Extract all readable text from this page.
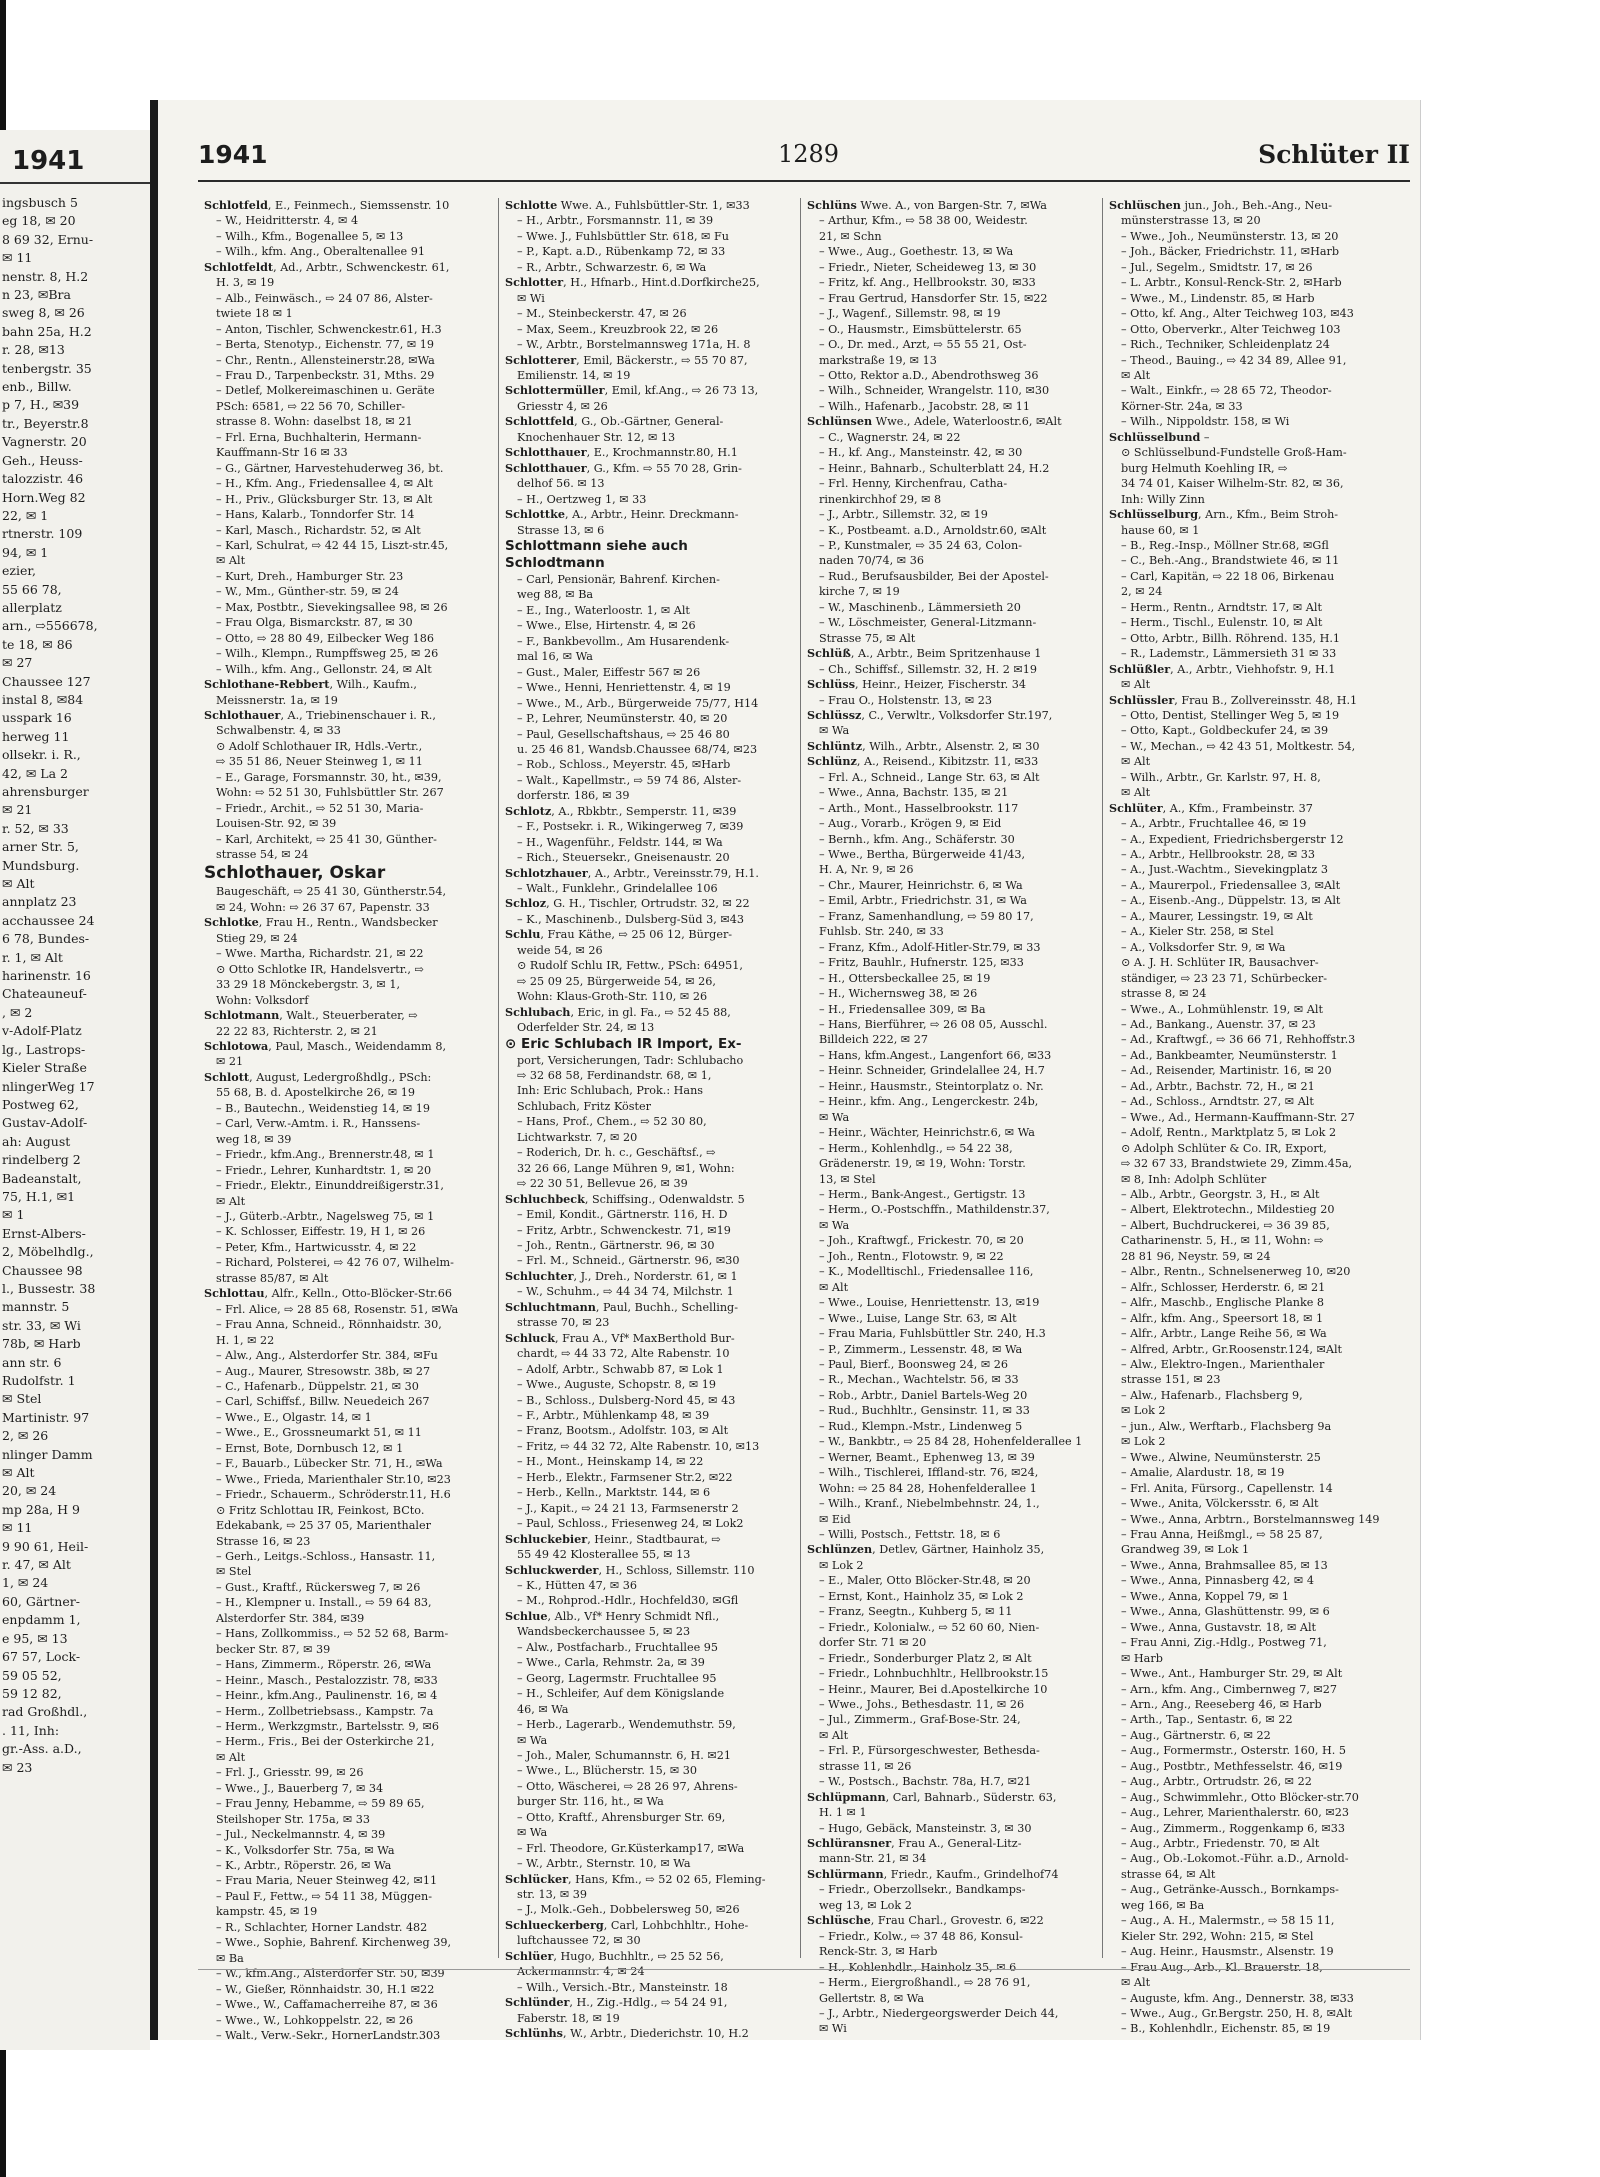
1941
ingsbusch 5
eg 18, ✉ 20
8 69 32, Ernu-
✉ 11
nenstr. 8, H.2
n 23, ✉Bra
sweg 8, ✉ 26
bahn 25a, H.2
r. 28, ✉13
tenbergstr. 35
enb., Billw.
p 7, H., ✉39
tr., Beyerstr.8
Vagnerstr. 20
Geh., Heuss-
talozzistr. 46
Horn.Weg 82
22, ✉ 1
rtnerstr. 109
94, ✉ 1
ezier,
55 66 78,
allerplatz
arn., ⇨556678,
te 18, ✉ 86
✉ 27
Chaussee 127
instal 8, ✉84
usspark 16
herweg 11
ollsekr. i. R.,
42, ✉ La 2
ahrensburger
✉ 21
r. 52, ✉ 33
arner Str. 5,
Mundsburg.
✉ Alt
annplatz 23
acchaussee 24
6 78, Bundes-
r. 1, ✉ Alt
harinenstr. 16
Chateauneuf-
, ✉ 2
v-Adolf-Platz
lg., Lastrops-
Kieler Straße
nlingerWeg 17
Postweg 62,
Gustav-Adolf-
ah: August
rindelberg 2
Badeanstalt,
75, H.1, ✉1
✉ 1
Ernst-Albers-
2, Möbelhdlg.,
Chaussee 98
l., Bussestr. 38
mannstr. 5
str. 33, ✉ Wi
78b, ✉ Harb
ann str. 6
Rudolfstr. 1
✉ Stel
Martinistr. 97
2, ✉ 26
nlinger Damm
✉ Alt
20, ✉ 24
mp 28a, H 9
✉ 11
9 90 61, Heil-
r. 47, ✉ Alt
1, ✉ 24
60, Gärtner-
enpdamm 1,
e 95, ✉ 13
67 57, Lock-
59 05 52,
59 12 82,
rad Großhdl.,
. 11, Inh:
gr.-Ass. a.D.,
✉ 23
1941	1289	Schlüter II
Schlotfeld, E., Feinmech., Siemssenstr. 10
– W., Heidritterstr. 4, ✉ 4
– Wilh., Kfm., Bogenallee 5, ✉ 13
– Wilh., kfm. Ang., Oberaltenallee 91
Schlotfeldt, Ad., Arbtr., Schwenckestr. 61,
H. 3, ✉ 19
– Alb., Feinwäsch., ⇨ 24 07 86, Alster-
twiete 18 ✉ 1
– Anton, Tischler, Schwenckestr.61, H.3
– Berta, Stenotyp., Eichenstr. 77, ✉ 19
– Chr., Rentn., Allensteinerstr.28, ✉Wa
– Frau D., Tarpenbeckstr. 31, Mths. 29
– Detlef, Molkereimaschinen u. Geräte
PSch: 6581, ⇨ 22 56 70, Schiller-
strasse 8. Wohn: daselbst 18, ✉ 21
– Frl. Erna, Buchhalterin, Hermann-
Kauffmann-Str 16 ✉ 33
– G., Gärtner, Harvestehuderweg 36, bt.
– H., Kfm. Ang., Friedensallee 4, ✉ Alt
– H., Priv., Glücksburger Str. 13, ✉ Alt
– Hans, Kalarb., Tonndorfer Str. 14
– Karl, Masch., Richardstr. 52, ✉ Alt
– Karl, Schulrat, ⇨ 42 44 15, Liszt-str.45,
✉ Alt
– Kurt, Dreh., Hamburger Str. 23
– W., Mm., Günther-str. 59, ✉ 24
– Max, Postbtr., Sievekingsallee 98, ✉ 26
– Frau Olga, Bismarckstr. 87, ✉ 30
– Otto, ⇨ 28 80 49, Eilbecker Weg 186
– Wilh., Klempn., Rumpffsweg 25, ✉ 26
– Wilh., kfm. Ang., Gellonstr. 24, ✉ Alt
Schlothane-Rebbert, Wilh., Kaufm.,
Meissnerstr. 1a, ✉ 19
Schlothauer, A., Triebinenschauer i. R.,
Schwalbenstr. 4, ✉ 33
⊙ Adolf Schlothauer IR, Hdls.-Vertr.,
⇨ 35 51 86, Neuer Steinweg 1, ✉ 11
– E., Garage, Forsmannstr. 30, ht., ✉39,
Wohn: ⇨ 52 51 30, Fuhlsbüttler Str. 267
– Friedr., Archit., ⇨ 52 51 30, Maria-
Louisen-Str. 92, ✉ 39
– Karl, Architekt, ⇨ 25 41 30, Günther-
strasse 54, ✉ 24
Schlothauer, Oskar
Baugeschäft, ⇨ 25 41 30, Güntherstr.54,
✉ 24, Wohn: ⇨ 26 37 67, Papenstr. 33
Schlotke, Frau H., Rentn., Wandsbecker
Stieg 29, ✉ 24
– Wwe. Martha, Richardstr. 21, ✉ 22
⊙ Otto Schlotke IR, Handelsvertr., ⇨
33 29 18 Mönckebergstr. 3, ✉ 1,
Wohn: Volksdorf
Schlotmann, Walt., Steuerberater, ⇨
22 22 83, Richterstr. 2, ✉ 21
Schlotowa, Paul, Masch., Weidendamm 8,
✉ 21
Schlott, August, Ledergroßhdlg., PSch:
55 68, B. d. Apostelkirche 26, ✉ 19
– B., Bautechn., Weidenstieg 14, ✉ 19
– Carl, Verw.-Amtm. i. R., Hanssens-
weg 18, ✉ 39
– Friedr., kfm.Ang., Brennerstr.48, ✉ 1
– Friedr., Lehrer, Kunhardtstr. 1, ✉ 20
– Friedr., Elektr., Einunddreißigerstr.31,
✉ Alt
– J., Güterb.-Arbtr., Nagelsweg 75, ✉ 1
– K. Schlosser, Eiffestr. 19, H 1, ✉ 26
– Peter, Kfm., Hartwicusstr. 4, ✉ 22
– Richard, Polsterei, ⇨ 42 76 07, Wilhelm-
strasse 85/87, ✉ Alt
Schlottau, Alfr., Kelln., Otto-Blöcker-Str.66
– Frl. Alice, ⇨ 28 85 68, Rosenstr. 51, ✉Wa
– Frau Anna, Schneid., Rönnhaidstr. 30,
H. 1, ✉ 22
– Alw., Ang., Alsterdorfer Str. 384, ✉Fu
– Aug., Maurer, Stresowstr. 38b, ✉ 27
– C., Hafenarb., Düppelstr. 21, ✉ 30
– Carl, Schiffsf., Billw. Neuedeich 267
– Wwe., E., Olgastr. 14, ✉ 1
– Wwe., E., Grossneumarkt 51, ✉ 11
– Ernst, Bote, Dornbusch 12, ✉ 1
– F., Bauarb., Lübecker Str. 71, H., ✉Wa
– Wwe., Frieda, Marienthaler Str.10, ✉23
– Friedr., Schauerm., Schröderstr.11, H.6
⊙ Fritz Schlottau IR, Feinkost, BCto.
Edekabank, ⇨ 25 37 05, Marienthaler
Strasse 16, ✉ 23
– Gerh., Leitgs.-Schloss., Hansastr. 11,
✉ Stel
– Gust., Kraftf., Rückersweg 7, ✉ 26
– H., Klempner u. Install., ⇨ 59 64 83,
Alsterdorfer Str. 384, ✉39
– Hans, Zollkommiss., ⇨ 52 52 68, Barm-
becker Str. 87, ✉ 39
– Hans, Zimmerm., Röperstr. 26, ✉Wa
– Heinr., Masch., Pestalozzistr. 78, ✉33
– Heinr., kfm.Ang., Paulinenstr. 16, ✉ 4
– Herm., Zollbetriebsass., Kampstr. 7a
– Herm., Werkzgmstr., Bartelsstr. 9, ✉6
– Herm., Fris., Bei der Osterkirche 21,
✉ Alt
– Frl. J., Griesstr. 99, ✉ 26
– Wwe., J., Bauerberg 7, ✉ 34
– Frau Jenny, Hebamme, ⇨ 59 89 65,
Steilshoper Str. 175a, ✉ 33
– Jul., Neckelmannstr. 4, ✉ 39
– K., Volksdorfer Str. 75a, ✉ Wa
– K., Arbtr., Röperstr. 26, ✉ Wa
– Frau Maria, Neuer Steinweg 42, ✉11
– Paul F., Fettw., ⇨ 54 11 38, Müggen-
kampstr. 45, ✉ 19
– R., Schlachter, Horner Landstr. 482
– Wwe., Sophie, Bahrenf. Kirchenweg 39,
✉ Ba
– W., kfm.Ang., Alsterdorfer Str. 50, ✉39
– W., Gießer, Rönnhaidstr. 30, H.1 ✉22
– Wwe., W., Caffamacherreihe 87, ✉ 36
– Wwe., W., Lohkoppelstr. 22, ✉ 26
– Walt., Verw.-Sekr., HornerLandstr.303
Schlotte Wwe. A., Fuhlsbüttler-Str. 1, ✉33
– H., Arbtr., Forsmannstr. 11, ✉ 39
– Wwe. J., Fuhlsbüttler Str. 618, ✉ Fu
– P., Kapt. a.D., Rübenkamp 72, ✉ 33
– R., Arbtr., Schwarzestr. 6, ✉ Wa
Schlotter, H., Hfnarb., Hint.d.Dorfkirche25,
✉ Wi
– M., Steinbeckerstr. 47, ✉ 26
– Max, Seem., Kreuzbrook 22, ✉ 26
– W., Arbtr., Borstelmannsweg 171a, H. 8
Schlotterer, Emil, Bäckerstr., ⇨ 55 70 87,
Emilienstr. 14, ✉ 19
Schlottermüller, Emil, kf.Ang., ⇨ 26 73 13,
Griesstr 4, ✉ 26
Schlottfeld, G., Ob.-Gärtner, General-
Knochenhauer Str. 12, ✉ 13
Schlotthauer, E., Krochmannstr.80, H.1
Schlotthauer, G., Kfm. ⇨ 55 70 28, Grin-
delhof 56. ✉ 13
– H., Oertzweg 1, ✉ 33
Schlottke, A., Arbtr., Heinr. Dreckmann-
Strasse 13, ✉ 6
Schlottmann siehe auch Schlodtmann
– Carl, Pensionär, Bahrenf. Kirchen-
weg 88, ✉ Ba
– E., Ing., Waterloostr. 1, ✉ Alt
– Wwe., Else, Hirtenstr. 4, ✉ 26
– F., Bankbevollm., Am Husarendenk-
mal 16, ✉ Wa
– Gust., Maler, Eiffestr 567 ✉ 26
– Wwe., Henni, Henriettenstr. 4, ✉ 19
– Wwe., M., Arb., Bürgerweide 75/77, H14
– P., Lehrer, Neumünsterstr. 40, ✉ 20
– Paul, Gesellschaftshaus, ⇨ 25 46 80
u. 25 46 81, Wandsb.Chaussee 68/74, ✉23
– Rob., Schloss., Meyerstr. 45, ✉Harb
– Walt., Kapellmstr., ⇨ 59 74 86, Alster-
dorferstr. 186, ✉ 39
Schlotz, A., Rbkbtr., Semperstr. 11, ✉39
– F., Postsekr. i. R., Wikingerweg 7, ✉39
– H., Wagenführ., Feldstr. 144, ✉ Wa
– Rich., Steuersekr., Gneisenaustr. 20
Schlotzhauer, A., Arbtr., Vereinsstr.79, H.1.
– Walt., Funklehr., Grindelallee 106
Schloz, G. H., Tischler, Ortrudstr. 32, ✉ 22
– K., Maschinenb., Dulsberg-Süd 3, ✉43
Schlu, Frau Käthe, ⇨ 25 06 12, Bürger-
weide 54, ✉ 26
⊙ Rudolf Schlu IR, Fettw., PSch: 64951,
⇨ 25 09 25, Bürgerweide 54, ✉ 26,
Wohn: Klaus-Groth-Str. 110, ✉ 26
Schlubach, Eric, in gl. Fa., ⇨ 52 45 88,
Oderfelder Str. 24, ✉ 13
⊙ Eric Schlubach IR Import, Ex-
port, Versicherungen, Tadr: Schlubacho
⇨ 32 68 58, Ferdinandstr. 68, ✉ 1,
Inh: Eric Schlubach, Prok.: Hans
Schlubach, Fritz Köster
– Hans, Prof., Chem., ⇨ 52 30 80,
Lichtwarkstr. 7, ✉ 20
– Roderich, Dr. h. c., Geschäftsf., ⇨
32 26 66, Lange Mühren 9, ✉1, Wohn:
⇨ 22 30 51, Bellevue 26, ✉ 39
Schluchbeck, Schiffsing., Odenwaldstr. 5
– Emil, Kondit., Gärtnerstr. 116, H. D
– Fritz, Arbtr., Schwenckestr. 71, ✉19
– Joh., Rentn., Gärtnerstr. 96, ✉ 30
– Frl. M., Schneid., Gärtnerstr. 96, ✉30
Schluchter, J., Dreh., Norderstr. 61, ✉ 1
– W., Schuhm., ⇨ 44 34 74, Milchstr. 1
Schluchtmann, Paul, Buchh., Schelling-
strasse 70, ✉ 23
Schluck, Frau A., Vf* MaxBerthold Bur-
chardt, ⇨ 44 33 72, Alte Rabenstr. 10
– Adolf, Arbtr., Schwabb 87, ✉ Lok 1
– Wwe., Auguste, Schopstr. 8, ✉ 19
– B., Schloss., Dulsberg-Nord 45, ✉ 43
– F., Arbtr., Mühlenkamp 48, ✉ 39
– Franz, Bootsm., Adolfstr. 103, ✉ Alt
– Fritz, ⇨ 44 32 72, Alte Rabenstr. 10, ✉13
– H., Mont., Heinskamp 14, ✉ 22
– Herb., Elektr., Farmsener Str.2, ✉22
– Herb., Kelln., Marktstr. 144, ✉ 6
– J., Kapit., ⇨ 24 21 13, Farmsenerstr 2
– Paul, Schloss., Friesenweg 24, ✉ Lok2
Schluckebier, Heinr., Stadtbaurat, ⇨
55 49 42 Klosterallee 55, ✉ 13
Schluckwerder, H., Schloss, Sillemstr. 110
– K., Hütten 47, ✉ 36
– M., Rohprod.-Hdlr., Hochfeld30, ✉Gfl
Schlue, Alb., Vf* Henry Schmidt Nfl.,
Wandsbeckerchaussee 5, ✉ 23
– Alw., Postfacharb., Fruchtallee 95
– Wwe., Carla, Rehmstr. 2a, ✉ 39
– Georg, Lagermstr. Fruchtallee 95
– H., Schleifer, Auf dem Königslande
46, ✉ Wa
– Herb., Lagerarb., Wendemuthstr. 59,
✉ Wa
– Joh., Maler, Schumannstr. 6, H. ✉21
– Wwe., L., Blücherstr. 15, ✉ 30
– Otto, Wäscherei, ⇨ 28 26 97, Ahrens-
burger Str. 116, ht., ✉ Wa
– Otto, Kraftf., Ahrensburger Str. 69,
✉ Wa
– Frl. Theodore, Gr.Küsterkamp17, ✉Wa
– W., Arbtr., Sternstr. 10, ✉ Wa
Schlücker, Hans, Kfm., ⇨ 52 02 65, Fleming-
str. 13, ✉ 39
– J., Molk.-Geh., Dobbelersweg 50, ✉26
Schlueckerberg, Carl, Lohbchhltr., Hohe-
luftchaussee 72, ✉ 30
Schlüer, Hugo, Buchhltr., ⇨ 25 52 56,
Ackermannstr. 4, ✉ 24
– Wilh., Versich.-Btr., Mansteinstr. 18
Schlünder, H., Zig.-Hdlg., ⇨ 54 24 91,
Faberstr. 18, ✉ 19
Schlünhs, W., Arbtr., Diederichstr. 10, H.2
Schlüns Wwe. A., von Bargen-Str. 7, ✉Wa
– Arthur, Kfm., ⇨ 58 38 00, Weidestr.
21, ✉ Schn
– Wwe., Aug., Goethestr. 13, ✉ Wa
– Friedr., Nieter, Scheideweg 13, ✉ 30
– Fritz, kf. Ang., Hellbrookstr. 30, ✉33
– Frau Gertrud, Hansdorfer Str. 15, ✉22
– J., Wagenf., Sillemstr. 98, ✉ 19
– O., Hausmstr., Eimsbüttelerstr. 65
– O., Dr. med., Arzt, ⇨ 55 55 21, Ost-
markstraße 19, ✉ 13
– Otto, Rektor a.D., Abendrothsweg 36
– Wilh., Schneider, Wrangelstr. 110, ✉30
– Wilh., Hafenarb., Jacobstr. 28, ✉ 11
Schlünsen Wwe., Adele, Waterloostr.6, ✉Alt
– C., Wagnerstr. 24, ✉ 22
– H., kf. Ang., Mansteinstr. 42, ✉ 30
– Heinr., Bahnarb., Schulterblatt 24, H.2
– Frl. Henny, Kirchenfrau, Catha-
rinenkirchhof 29, ✉ 8
– J., Arbtr., Sillemstr. 32, ✉ 19
– K., Postbeamt. a.D., Arnoldstr.60, ✉Alt
– P., Kunstmaler, ⇨ 35 24 63, Colon-
naden 70/74, ✉ 36
– Rud., Berufsausbilder, Bei der Apostel-
kirche 7, ✉ 19
– W., Maschinenb., Lämmersieth 20
– W., Löschmeister, General-Litzmann-
Strasse 75, ✉ Alt
Schlüß, A., Arbtr., Beim Spritzenhause 1
– Ch., Schiffsf., Sillemstr. 32, H. 2 ✉19
Schlüss, Heinr., Heizer, Fischerstr. 34
– Frau O., Holstenstr. 13, ✉ 23
Schlüssz, C., Verwltr., Volksdorfer Str.197,
✉ Wa
Schlüntz, Wilh., Arbtr., Alsenstr. 2, ✉ 30
Schlünz, A., Reisend., Kibitzstr. 11, ✉33
– Frl. A., Schneid., Lange Str. 63, ✉ Alt
– Wwe., Anna, Bachstr. 135, ✉ 21
– Arth., Mont., Hasselbrookstr. 117
– Aug., Vorarb., Krögen 9, ✉ Eid
– Bernh., kfm. Ang., Schäferstr. 30
– Wwe., Bertha, Bürgerweide 41/43,
H. A, Nr. 9, ✉ 26
– Chr., Maurer, Heinrichstr. 6, ✉ Wa
– Emil, Arbtr., Friedrichstr. 31, ✉ Wa
– Franz, Samenhandlung, ⇨ 59 80 17,
Fuhlsb. Str. 240, ✉ 33
– Franz, Kfm., Adolf-Hitler-Str.79, ✉ 33
– Fritz, Bauhlr., Hufnerstr. 125, ✉33
– H., Ottersbeckallee 25, ✉ 19
– H., Wichernsweg 38, ✉ 26
– H., Friedensallee 309, ✉ Ba
– Hans, Bierführer, ⇨ 26 08 05, Ausschl.
Billdeich 222, ✉ 27
– Hans, kfm.Angest., Langenfort 66, ✉33
– Heinr. Schneider, Grindelallee 24, H.7
– Heinr., Hausmstr., Steintorplatz o. Nr.
– Heinr., kfm. Ang., Lengerckestr. 24b,
✉ Wa
– Heinr., Wächter, Heinrichstr.6, ✉ Wa
– Herm., Kohlenhdlg., ⇨ 54 22 38,
Grädenerstr. 19, ✉ 19, Wohn: Torstr.
13, ✉ Stel
– Herm., Bank-Angest., Gertigstr. 13
– Herm., O.-Postschffn., Mathildenstr.37,
✉ Wa
– Joh., Kraftwgf., Frickestr. 70, ✉ 20
– Joh., Rentn., Flotowstr. 9, ✉ 22
– K., Modelltischl., Friedensallee 116,
✉ Alt
– Wwe., Louise, Henriettenstr. 13, ✉19
– Wwe., Luise, Lange Str. 63, ✉ Alt
– Frau Maria, Fuhlsbüttler Str. 240, H.3
– P., Zimmerm., Lessenstr. 48, ✉ Wa
– Paul, Bierf., Boonsweg 24, ✉ 26
– R., Mechan., Wachtelstr. 56, ✉ 33
– Rob., Arbtr., Daniel Bartels-Weg 20
– Rud., Buchhltr., Gensinstr. 11, ✉ 33
– Rud., Klempn.-Mstr., Lindenweg 5
– W., Bankbtr., ⇨ 25 84 28, Hohenfelderallee 1
– Werner, Beamt., Ephenweg 13, ✉ 39
– Wilh., Tischlerei, Iffland-str. 76, ✉24,
Wohn: ⇨ 25 84 28, Hohenfelderallee 1
– Wilh., Kranf., Niebelmbehnstr. 24, 1.,
✉ Eid
– Willi, Postsch., Fettstr. 18, ✉ 6
Schlünzen, Detlev, Gärtner, Hainholz 35,
✉ Lok 2
– E., Maler, Otto Blöcker-Str.48, ✉ 20
– Ernst, Kont., Hainholz 35, ✉ Lok 2
– Franz, Seegtn., Kuhberg 5, ✉ 11
– Friedr., Kolonialw., ⇨ 52 60 60, Nien-
dorfer Str. 71 ✉ 20
– Friedr., Sonderburger Platz 2, ✉ Alt
– Friedr., Lohnbuchhltr., Hellbrookstr.15
– Heinr., Maurer, Bei d.Apostelkirche 10
– Wwe., Johs., Bethesdastr. 11, ✉ 26
– Jul., Zimmerm., Graf-Bose-Str. 24,
✉ Alt
– Frl. P., Fürsorgeschwester, Bethesda-
strasse 11, ✉ 26
– W., Postsch., Bachstr. 78a, H.7, ✉21
Schlüpmann, Carl, Bahnarb., Süderstr. 63,
H. 1 ✉ 1
– Hugo, Gebäck, Mansteinstr. 3, ✉ 30
Schlüransner, Frau A., General-Litz-
mann-Str. 21, ✉ 34
Schlürmann, Friedr., Kaufm., Grindelhof74
– Friedr., Oberzollsekr., Bandkamps-
weg 13, ✉ Lok 2
Schlüsche, Frau Charl., Grovestr. 6, ✉22
– Friedr., Kolw., ⇨ 37 48 86, Konsul-
Renck-Str. 3, ✉ Harb
– H., Kohlenhdlr., Hainholz 35, ✉ 6
– Herm., Eiergroßhandl., ⇨ 28 76 91,
Gellertstr. 8, ✉ Wa
– J., Arbtr., Niedergeorgswerder Deich 44,
✉ Wi
Schlüschen jun., Joh., Beh.-Ang., Neu-
münsterstrasse 13, ✉ 20
– Wwe., Joh., Neumünsterstr. 13, ✉ 20
– Joh., Bäcker, Friedrichstr. 11, ✉Harb
– Jul., Segelm., Smidtstr. 17, ✉ 26
– L. Arbtr., Konsul-Renck-Str. 2, ✉Harb
– Wwe., M., Lindenstr. 85, ✉ Harb
– Otto, kf. Ang., Alter Teichweg 103, ✉43
– Otto, Oberverkr., Alter Teichweg 103
– Rich., Techniker, Schleidenplatz 24
– Theod., Bauing., ⇨ 42 34 89, Allee 91,
✉ Alt
– Walt., Einkfr., ⇨ 28 65 72, Theodor-
Körner-Str. 24a, ✉ 33
– Wilh., Nippoldstr. 158, ✉ Wi
Schlüsselbund –
⊙ Schlüsselbund-Fundstelle Groß-Ham-
burg Helmuth Koehling IR, ⇨
34 74 01, Kaiser Wilhelm-Str. 82, ✉ 36,
Inh: Willy Zinn
Schlüsselburg, Arn., Kfm., Beim Stroh-
hause 60, ✉ 1
– B., Reg.-Insp., Möllner Str.68, ✉Gfl
– C., Beh.-Ang., Brandstwiete 46, ✉ 11
– Carl, Kapitän, ⇨ 22 18 06, Birkenau
2, ✉ 24
– Herm., Rentn., Arndtstr. 17, ✉ Alt
– Herm., Tischl., Eulenstr. 10, ✉ Alt
– Otto, Arbtr., Billh. Röhrend. 135, H.1
– R., Lademstr., Lämmersieth 31 ✉ 33
Schlüßler, A., Arbtr., Viehhofstr. 9, H.1
✉ Alt
Schlüssler, Frau B., Zollvereinsstr. 48, H.1
– Otto, Dentist, Stellinger Weg 5, ✉ 19
– Otto, Kapt., Goldbeckufer 24, ✉ 39
– W., Mechan., ⇨ 42 43 51, Moltkestr. 54,
✉ Alt
– Wilh., Arbtr., Gr. Karlstr. 97, H. 8,
✉ Alt
Schlüter, A., Kfm., Frambeinstr. 37
– A., Arbtr., Fruchtallee 46, ✉ 19
– A., Expedient, Friedrichsbergerstr 12
– A., Arbtr., Hellbrookstr. 28, ✉ 33
– A., Just.-Wachtm., Sievekingplatz 3
– A., Maurerpol., Friedensallee 3, ✉Alt
– A., Eisenb.-Ang., Düppelstr. 13, ✉ Alt
– A., Maurer, Lessingstr. 19, ✉ Alt
– A., Kieler Str. 258, ✉ Stel
– A., Volksdorfer Str. 9, ✉ Wa
⊙ A. J. H. Schlüter IR, Bausachver-
ständiger, ⇨ 23 23 71, Schürbecker-
strasse 8, ✉ 24
– Wwe., A., Lohmühlenstr. 19, ✉ Alt
– Ad., Bankang., Auenstr. 37, ✉ 23
– Ad., Kraftwgf., ⇨ 36 66 71, Rehhoffstr.3
– Ad., Bankbeamter, Neumünsterstr. 1
– Ad., Reisender, Martinistr. 16, ✉ 20
– Ad., Arbtr., Bachstr. 72, H., ✉ 21
– Ad., Schloss., Arndtstr. 27, ✉ Alt
– Wwe., Ad., Hermann-Kauffmann-Str. 27
– Adolf, Rentn., Marktplatz 5, ✉ Lok 2
⊙ Adolph Schlüter & Co. IR, Export,
⇨ 32 67 33, Brandstwiete 29, Zimm.45a,
✉ 8, Inh: Adolph Schlüter
– Alb., Arbtr., Georgstr. 3, H., ✉ Alt
– Albert, Elektrotechn., Mildestieg 20
– Albert, Buchdruckerei, ⇨ 36 39 85,
Catharinenstr. 5, H., ✉ 11, Wohn: ⇨
28 81 96, Neystr. 59, ✉ 24
– Albr., Rentn., Schnelsenerweg 10, ✉20
– Alfr., Schlosser, Herderstr. 6, ✉ 21
– Alfr., Maschb., Englische Planke 8
– Alfr., kfm. Ang., Speersort 18, ✉ 1
– Alfr., Arbtr., Lange Reihe 56, ✉ Wa
– Alfred, Arbtr., Gr.Roosenstr.124, ✉Alt
– Alw., Elektro-Ingen., Marienthaler
strasse 151, ✉ 23
– Alw., Hafenarb., Flachsberg 9,
✉ Lok 2
– jun., Alw., Werftarb., Flachsberg 9a
✉ Lok 2
– Wwe., Alwine, Neumünsterstr. 25
– Amalie, Alardustr. 18, ✉ 19
– Frl. Anita, Fürsorg., Capellenstr. 14
– Wwe., Anita, Völckersstr. 6, ✉ Alt
– Wwe., Anna, Arbtrn., Borstelmannsweg 149
– Frau Anna, Heißmgl., ⇨ 58 25 87,
Grandweg 39, ✉ Lok 1
– Wwe., Anna, Brahmsallee 85, ✉ 13
– Wwe., Anna, Pinnasberg 42, ✉ 4
– Wwe., Anna, Koppel 79, ✉ 1
– Wwe., Anna, Glashüttenstr. 99, ✉ 6
– Wwe., Anna, Gustavstr. 18, ✉ Alt
– Frau Anni, Zig.-Hdlg., Postweg 71,
✉ Harb
– Wwe., Ant., Hamburger Str. 29, ✉ Alt
– Arn., kfm. Ang., Cimbernweg 7, ✉27
– Arn., Ang., Reeseberg 46, ✉ Harb
– Arth., Tap., Sentastr. 6, ✉ 22
– Aug., Gärtnerstr. 6, ✉ 22
– Aug., Formermstr., Osterstr. 160, H. 5
– Aug., Postbtr., Methfesselstr. 46, ✉19
– Aug., Arbtr., Ortrudstr. 26, ✉ 22
– Aug., Schwimmlehr., Otto Blöcker-str.70
– Aug., Lehrer, Marienthalerstr. 60, ✉23
– Aug., Zimmerm., Roggenkamp 6, ✉33
– Aug., Arbtr., Friedenstr. 70, ✉ Alt
– Aug., Ob.-Lokomot.-Führ. a.D., Arnold-
strasse 64, ✉ Alt
– Aug., Getränke-Aussch., Bornkamps-
weg 166, ✉ Ba
– Aug., A. H., Malermstr., ⇨ 58 15 11,
Kieler Str. 292, Wohn: 215, ✉ Stel
– Aug. Heinr., Hausmstr., Alsenstr. 19
– Frau Aug., Arb., Kl. Brauerstr. 18,
✉ Alt
– Auguste, kfm. Ang., Dennerstr. 38, ✉33
– Wwe., Aug., Gr.Bergstr. 250, H. 8, ✉Alt
– B., Kohlenhdlr., Eichenstr. 85, ✉ 19
